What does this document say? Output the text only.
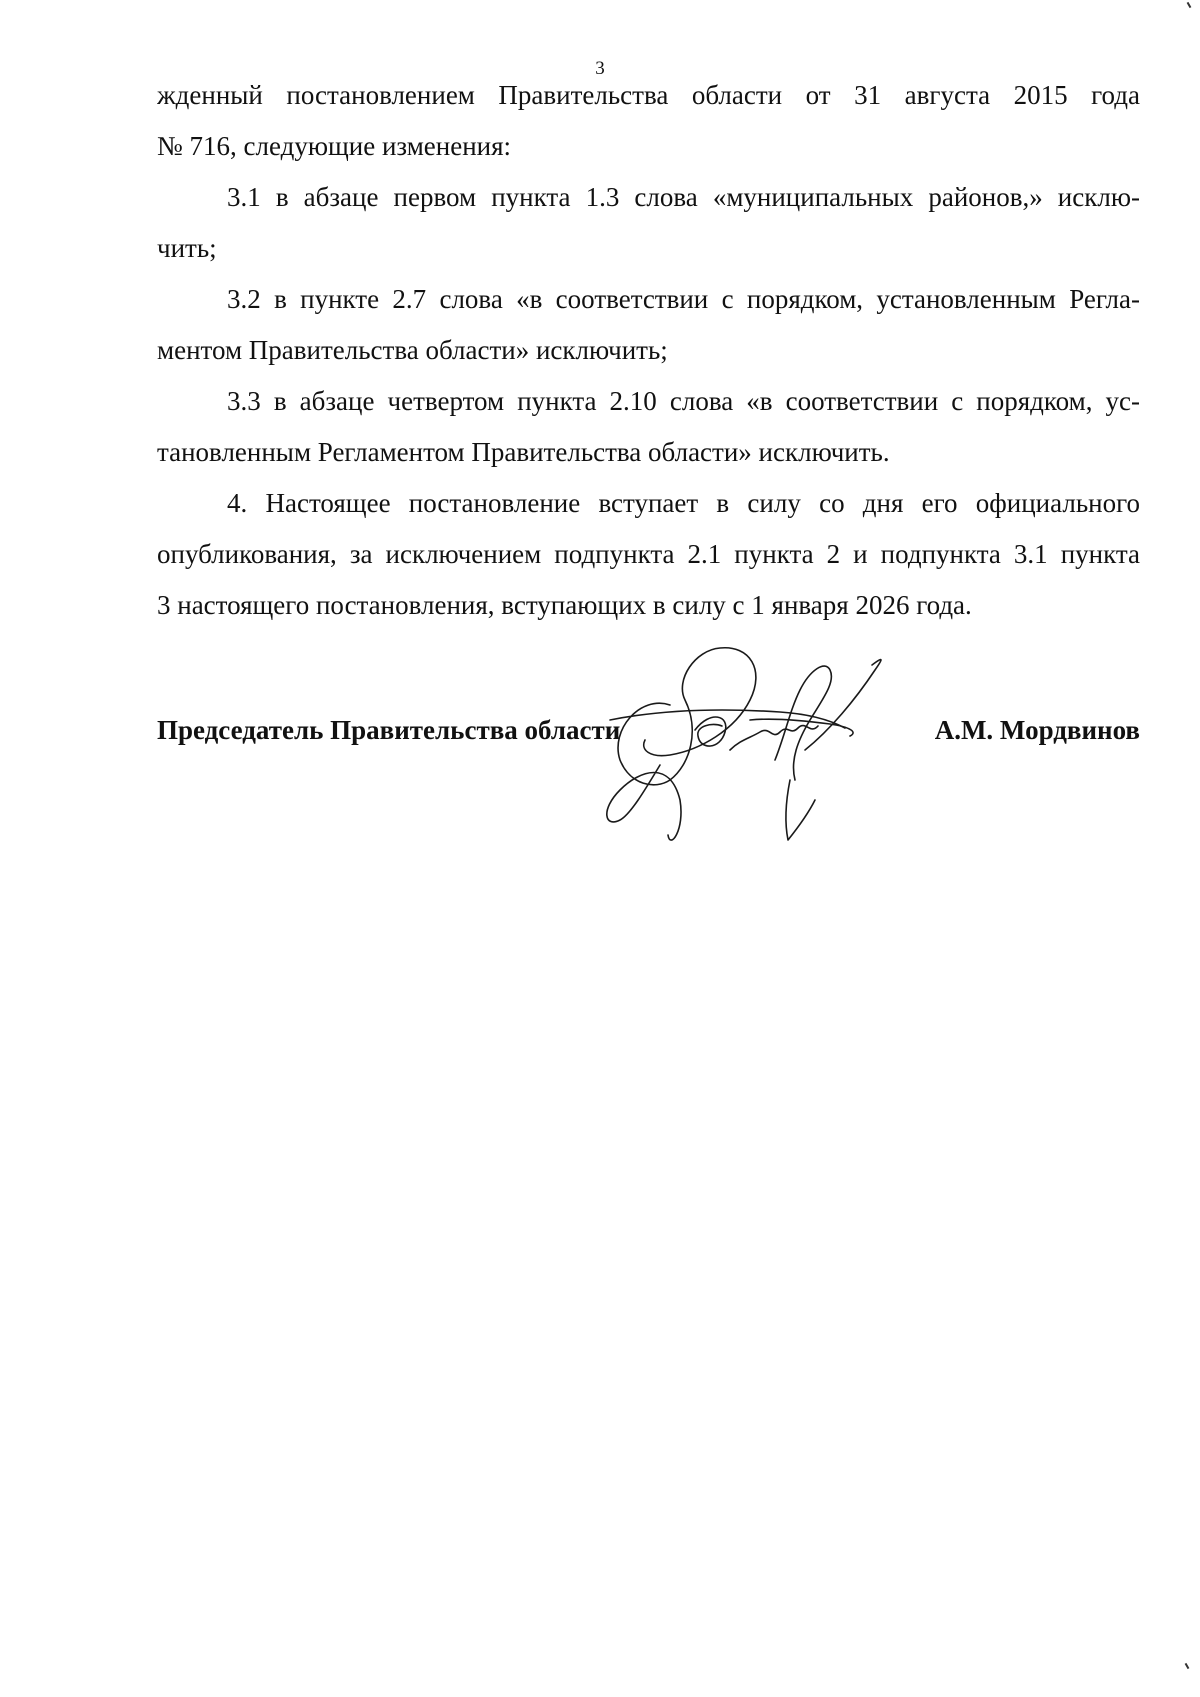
3
жденный постановлением Правительства области от 31 августа 2015 года
№ 716, следующие изменения:
3.1 в абзаце первом пункта 1.3 слова «муниципальных районов,» исклю-
чить;
3.2 в пункте 2.7 слова «в соответствии с порядком, установленным Регла-
ментом Правительства области» исключить;
3.3 в абзаце четвертом пункта 2.10 слова «в соответствии с порядком, ус-
тановленным Регламентом Правительства области» исключить.
4. Настоящее постановление вступает в силу со дня его официального
опубликования, за исключением подпункта 2.1 пункта 2 и подпункта 3.1 пункта
3 настоящего постановления, вступающих в силу с 1 января 2026 года.
Председатель Правительства области	А.М. Мордвинов
